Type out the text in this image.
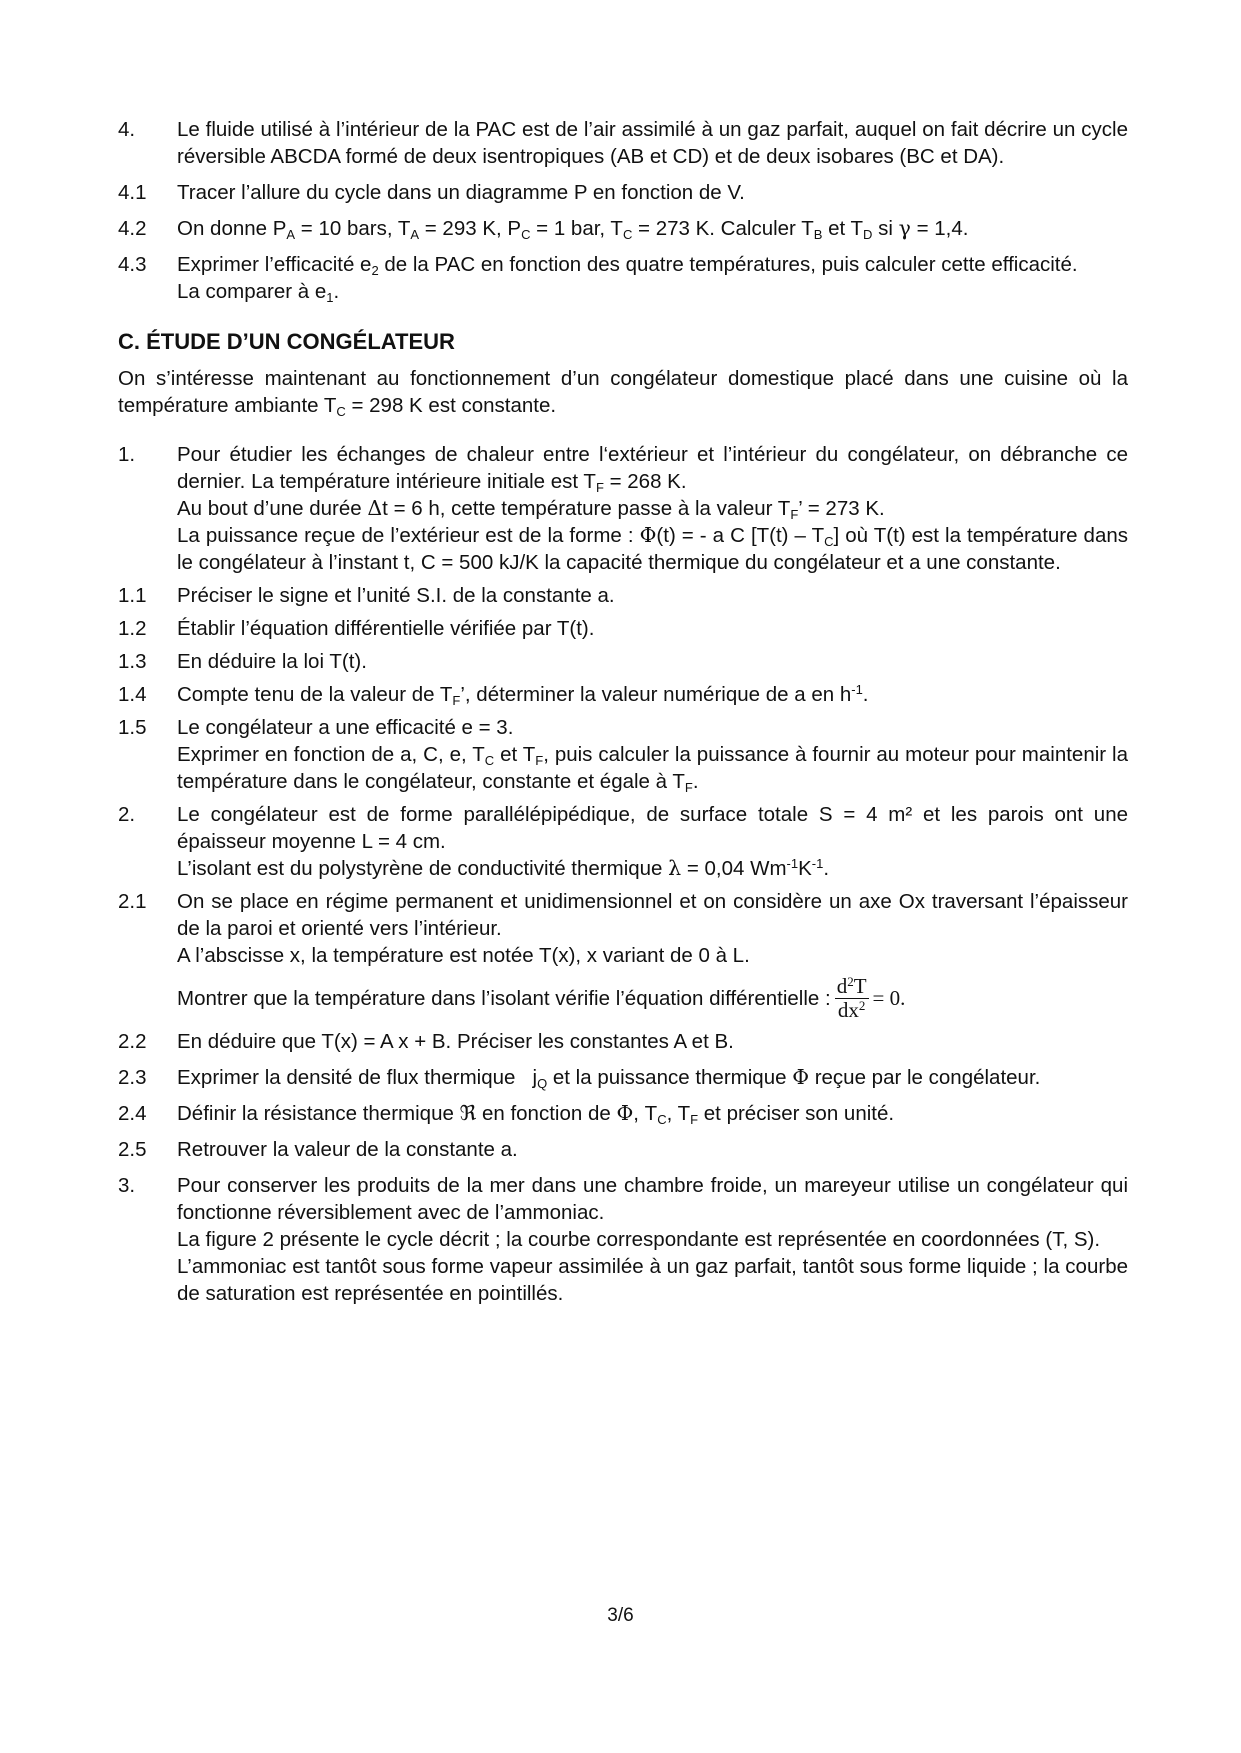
4.	Le fluide utilisé à l’intérieur de la PAC est de l’air assimilé à un gaz parfait, auquel on fait décrire un cycle réversible ABCDA formé de deux isentropiques (AB et CD) et de deux isobares (BC et DA).
4.1	Tracer l’allure du cycle dans un diagramme P en fonction de V.
4.2	On donne $P_A = 10$ bars, $T_A = 293$ K, $P_C = 1$ bar, $T_C = 273$ K. Calculer $T_B$ et $T_D$ si γ = 1,4.
4.3	Exprimer l’efficacité $e_2$ de la PAC en fonction des quatre températures, puis calculer cette efficacité.

La comparer à $e_1$.

C. ÉTUDE D’UN CONGÉLATEUR
On s’intéresse maintenant au fonctionnement d’un congélateur domestique placé dans une cuisine où la température ambiante $T_C = 298$ K est constante.
1.	Pour étudier les échanges de chaleur entre l‘extérieur et l’intérieur du congélateur, on débranche ce dernier. La température intérieure initiale est $T_F = 268$ K.

Au bout d’une durée Δt = 6 h, cette température passe à la valeur $T_F$’ = 273 K.

La puissance reçue de l’extérieur est de la forme : Φ(t) = - a C $[T(t) - T_C]$ où T(t) est la température dans le congélateur à l’instant t, C = 500 kJ/K la capacité thermique du congélateur et a une constante.

1.1	Préciser le signe et l’unité S.I. de la constante a.
1.2	Établir l’équation différentielle vérifiée par T(t).
1.3	En déduire la loi T(t).
1.4	Compte tenu de la valeur de $T_F$’, déterminer la valeur numérique de a en $h^{-1}$.
1.5	Le congélateur a une efficacité e = 3.

Exprimer en fonction de a, C, e, $T_C$ et $T_F$, puis calculer la puissance à fournir au moteur pour maintenir la température dans le congélateur, constante et égale à $T_F$.

2.	Le congélateur est de forme parallélépipédique, de surface totale S = 4 m² et les parois ont une épaisseur moyenne L = 4 cm.

L’isolant est du polystyrène de conductivité thermique λ = 0,04 $Wm^{-1}K^{-1}$.

2.1	On se place en régime permanent et unidimensionnel et on considère un axe Ox traversant l’épaisseur de la paroi et orienté vers l’intérieur.

A l’abscisse x, la température est notée T(x), x variant de 0 à L.

Montrer que la température dans l’isolant vérifie l’équation différentielle : $\frac{d^2T}{dx^2} = 0$.
2.2	En déduire que T(x) = A x + B. Préciser les constantes A et B.
2.3	Exprimer la densité de flux thermique   $j_Q$ et la puissance thermique Φ reçue par le congélateur.
2.4	Définir la résistance thermique ℜ en fonction de Φ, $T_C$, $T_F$ et préciser son unité.
2.5	Retrouver la valeur de la constante a.
3.	Pour conserver les produits de la mer dans une chambre froide, un mareyeur utilise un congélateur qui fonctionne réversiblement avec de l’ammoniac.

La figure 2 présente le cycle décrit ; la courbe correspondante est représentée en coordonnées (T, S).

L’ammoniac est tantôt sous forme vapeur assimilée à un gaz parfait, tantôt sous forme liquide ; la courbe de saturation est représentée en pointillés.

3/6
